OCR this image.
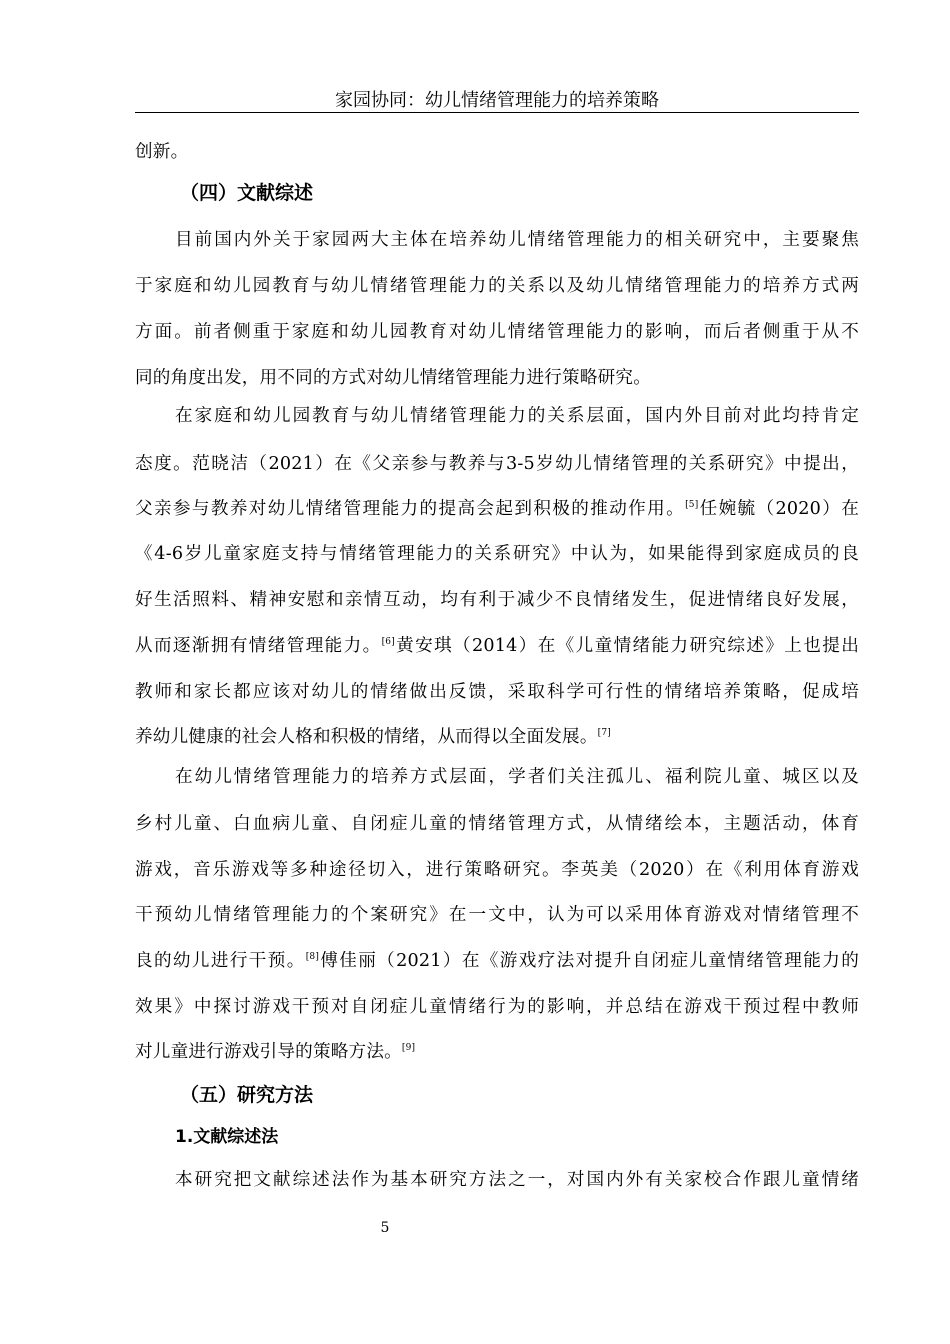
家园协同：幼儿情绪管理能力的培养策略
创新。
（四）文献综述
目前国内外关于家园两大主体在培养幼儿情绪管理能力的相关研究中，主要聚焦
于家庭和幼儿园教育与幼儿情绪管理能力的关系以及幼儿情绪管理能力的培养方式两
方面。前者侧重于家庭和幼儿园教育对幼儿情绪管理能力的影响，而后者侧重于从不
同的角度出发，用不同的方式对幼儿情绪管理能力进行策略研究。
在家庭和幼儿园教育与幼儿情绪管理能力的关系层面，国内外目前对此均持肯定
态度。范晓洁（2021）在《父亲参与教养与3-5岁幼儿情绪管理的关系研究》中提出，
父亲参与教养对幼儿情绪管理能力的提高会起到积极的推动作用。[5]任婉毓（2020）在
《4-6岁儿童家庭支持与情绪管理能力的关系研究》中认为，如果能得到家庭成员的良
好生活照料、精神安慰和亲情互动，均有利于减少不良情绪发生，促进情绪良好发展，
从而逐渐拥有情绪管理能力。[6]黄安琪（2014）在《儿童情绪能力研究综述》上也提出
教师和家长都应该对幼儿的情绪做出反馈，采取科学可行性的情绪培养策略，促成培
养幼儿健康的社会人格和积极的情绪，从而得以全面发展。[7]
在幼儿情绪管理能力的培养方式层面，学者们关注孤儿、福利院儿童、城区以及
乡村儿童、白血病儿童、自闭症儿童的情绪管理方式，从情绪绘本，主题活动，体育
游戏，音乐游戏等多种途径切入，进行策略研究。李英美（2020）在《利用体育游戏
干预幼儿情绪管理能力的个案研究》在一文中，认为可以采用体育游戏对情绪管理不
良的幼儿进行干预。[8]傅佳丽（2021）在《游戏疗法对提升自闭症儿童情绪管理能力的
效果》中探讨游戏干预对自闭症儿童情绪行为的影响，并总结在游戏干预过程中教师
对儿童进行游戏引导的策略方法。[9]
（五）研究方法
1.文献综述法
本研究把文献综述法作为基本研究方法之一，对国内外有关家校合作跟儿童情绪
5
